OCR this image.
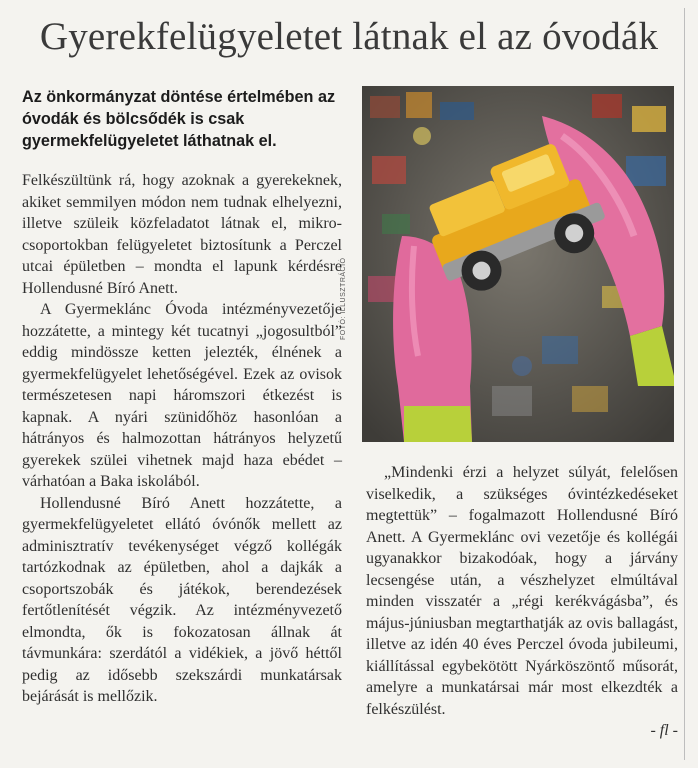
Gyerekfelügyeletet látnak el az óvodák
Az önkormányzat döntése értelmében az óvodák és bölcsődék is csak gyermekfelügyeletet láthatnak el.
FOTÓ: ILLUSZTRÁCIÓ

Felkészültünk rá, hogy azoknak a gyerekeknek, akiket semmilyen módon nem tudnak elhelyezni, illetve szüleik közfeladatot látnak el, mikro-csoportokban felügyeletet biztosítunk a Perczel utcai épületben – mondta el lapunk kérdésre Hollendusné Bíró Anett.

A Gyermeklánc Óvoda intézményvezetője hozzátette, a mintegy két tucatnyi „jogosultból” eddig mindössze ketten jelezték, élnének a gyermekfelügyelet lehetőségével. Ezek az ovisok természetesen napi háromszori étkezést is kapnak. A nyári szünidőhöz hasonlóan a hátrányos és halmozottan hátrányos helyzetű gyerekek szülei vihetnek majd haza ebédet – várhatóan a Baka iskolából.

Hollendusné Bíró Anett hozzátette, a gyermekfelügyeletet ellátó óvónők mellett az adminisztratív tevékenységet végző kollégák tartózkodnak az épületben, ahol a dajkák a csoportszobák és játékok, berendezések fertőtlenítését végzik. Az intézményvezető elmondta, ők is fokozatosan állnak át távmunkára: szerdától a vidékiek, a jövő héttől pedig az idősebb szekszárdi munkatársak bejárását is mellőzik.

„Mindenki érzi a helyzet súlyát, felelősen viselkedik, a szükséges óvintézkedéseket megtettük” – fogalmazott Hollendusné Bíró Anett. A Gyermeklánc ovi vezetője és kollégái ugyanakkor bizakodóak, hogy a járvány lecsengése után, a vészhelyzet elmúltával minden visszatér a „régi kerékvágásba”, és május-júniusban megtarthatják az ovis ballagást, illetve az idén 40 éves Perczel óvoda jubileumi, kiállítással egybekötött Nyárköszöntő műsorát, amelyre a munkatársai már most elkezdték a felkészülést.

- fl -
